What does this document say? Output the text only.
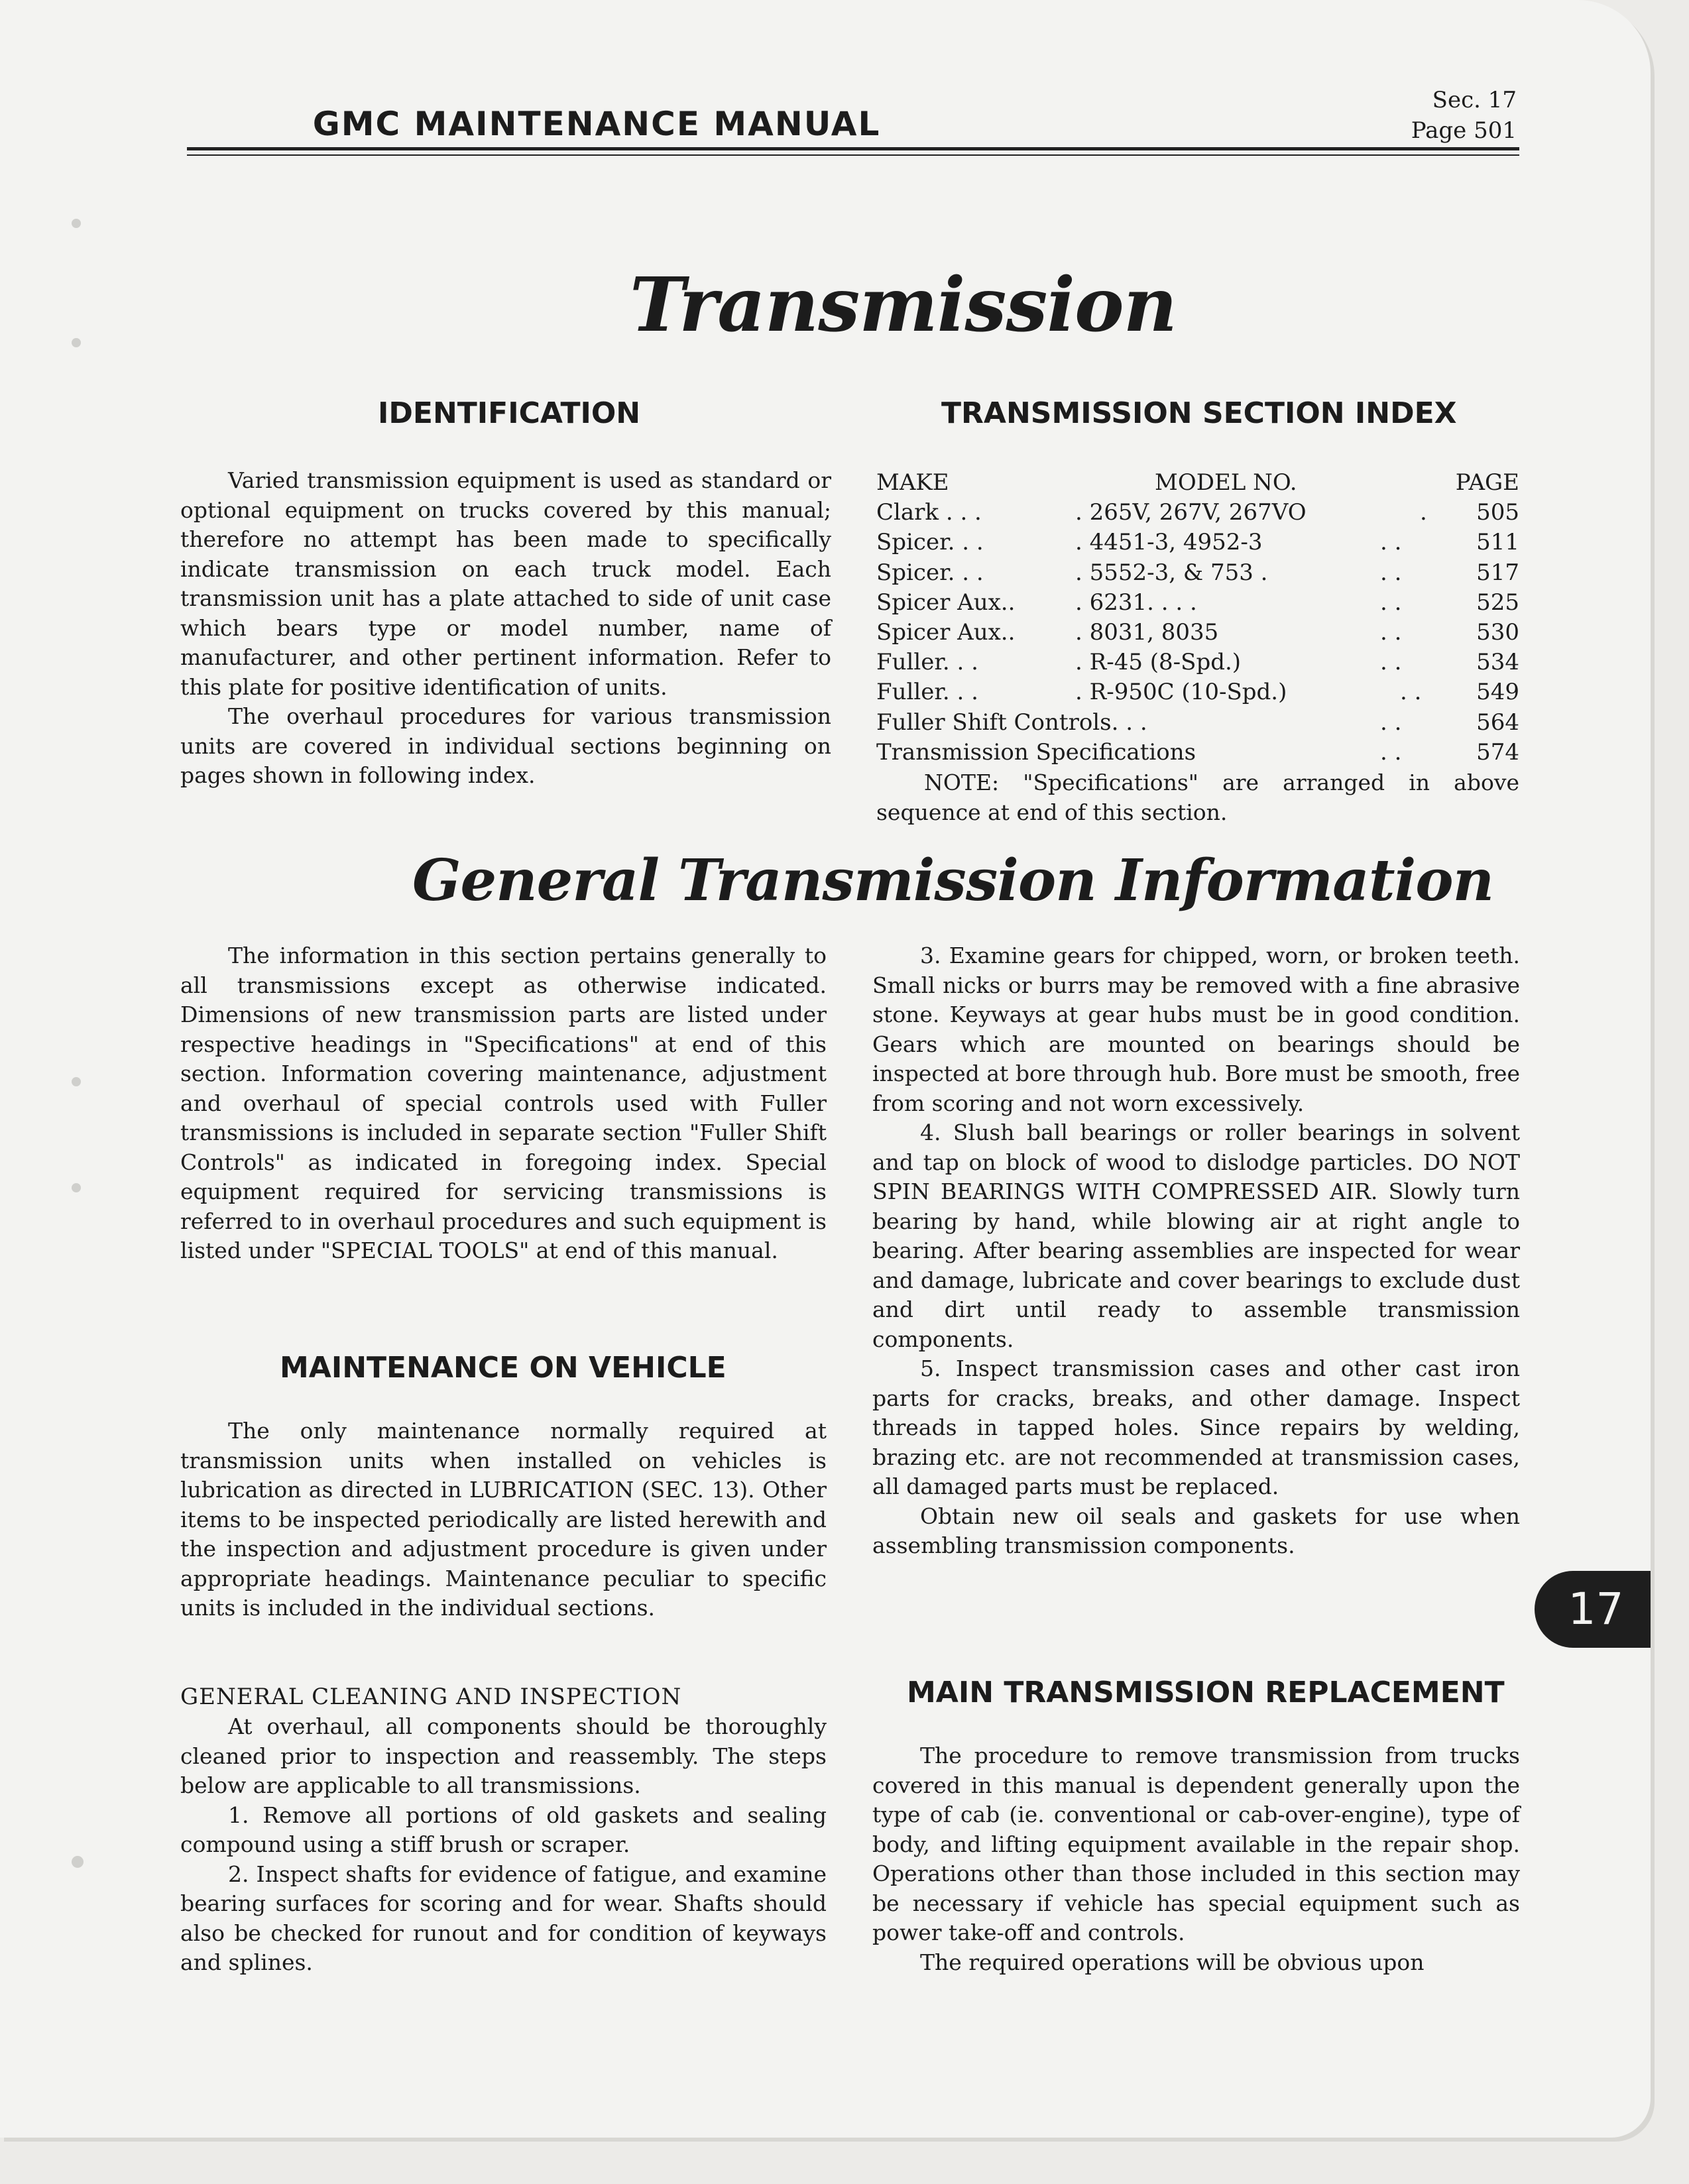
GMC MAINTENANCE MANUAL
Sec. 17
Page 501
Transmission
IDENTIFICATION

Varied transmission equipment is used as standard or optional equipment on trucks covered by this manual; therefore no attempt has been made to specifically indicate transmission on each truck model. Each transmission unit has a plate attached to side of unit case which bears type or model number, name of manufacturer, and other pertinent information. Refer to this plate for positive identification of units.

The overhaul procedures for various transmission units are covered in individual sections beginning on pages shown in following index.

TRANSMISSION SECTION INDEX
MAKE	MODEL NO.	PAGE
Clark . . .	. 265V, 267V, 267VO	. 505
Spicer. . .	. 4451-3, 4952-3	. .	511
Spicer. . .	. 5552-3, & 753 .	. .	517
Spicer Aux..	. 6231. . . .	. .	525
Spicer Aux..	. 8031, 8035	. .	530
Fuller. . .	. R-45 (8-Spd.)	. .	534
Fuller. . .	. R-950C (10-Spd.)	. . 549
Fuller Shift Controls. . .	. .	564
Transmission Specifications	. .	574

NOTE: "Specifications" are arranged in above sequence at end of this section.

General Transmission Information

The information in this section pertains generally to all transmissions except as otherwise indicated. Dimensions of new transmission parts are listed under respective headings in "Specifications" at end of this section. Information covering maintenance, adjustment and overhaul of special controls used with Fuller transmissions is included in separate section "Fuller Shift Controls" as indicated in foregoing index. Special equipment required for servicing transmissions is referred to in overhaul procedures and such equipment is listed under "SPECIAL TOOLS" at end of this manual.

MAINTENANCE ON VEHICLE

The only maintenance normally required at transmission units when installed on vehicles is lubrication as directed in LUBRICATION (SEC. 13). Other items to be inspected periodically are listed herewith and the inspection and adjustment procedure is given under appropriate headings. Maintenance peculiar to specific units is included in the individual sections.

GENERAL CLEANING AND INSPECTION

At overhaul, all components should be thoroughly cleaned prior to inspection and reassembly. The steps below are applicable to all transmissions.

1. Remove all portions of old gaskets and sealing compound using a stiff brush or scraper.

2. Inspect shafts for evidence of fatigue, and examine bearing surfaces for scoring and for wear. Shafts should also be checked for runout and for condition of keyways and splines.

3. Examine gears for chipped, worn, or broken teeth. Small nicks or burrs may be removed with a fine abrasive stone. Keyways at gear hubs must be in good condition. Gears which are mounted on bearings should be inspected at bore through hub. Bore must be smooth, free from scoring and not worn excessively.

4. Slush ball bearings or roller bearings in solvent and tap on block of wood to dislodge particles. DO NOT SPIN BEARINGS WITH COMPRESSED AIR. Slowly turn bearing by hand, while blowing air at right angle to bearing. After bearing assemblies are inspected for wear and damage, lubricate and cover bearings to exclude dust and dirt until ready to assemble transmission components.

5. Inspect transmission cases and other cast iron parts for cracks, breaks, and other damage. Inspect threads in tapped holes. Since repairs by welding, brazing etc. are not recommended at transmission cases, all damaged parts must be replaced.

Obtain new oil seals and gaskets for use when assembling transmission components.

MAIN TRANSMISSION REPLACEMENT

The procedure to remove transmission from trucks covered in this manual is dependent generally upon the type of cab (ie. conventional or cab-over-engine), type of body, and lifting equipment available in the repair shop. Operations other than those included in this section may be necessary if vehicle has special equipment such as power take-off and controls.

The required operations will be obvious upon

17
